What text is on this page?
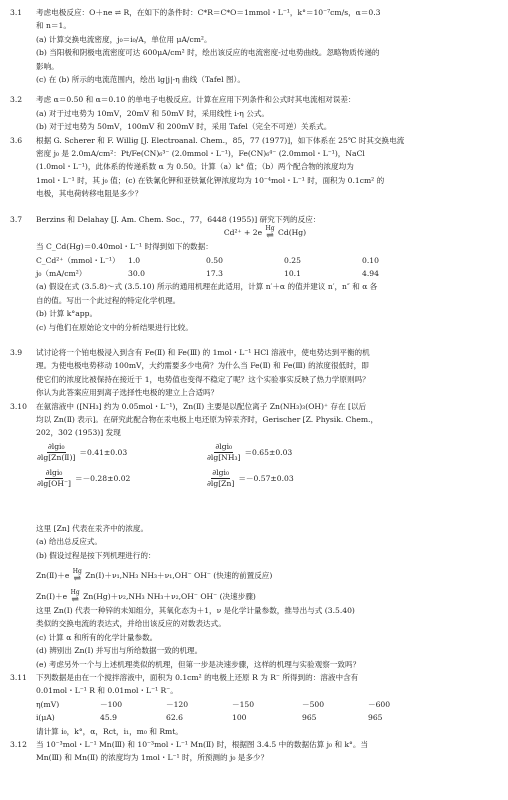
3.1 考虑电极反应：O＋ne ⇌ R，在如下的条件时：C*R＝C*O＝1mmol・L⁻¹，k°＝10⁻⁷cm/s，α＝0.3
和 n＝1。
(a) 计算交换电流密度，j₀＝i₀/A，单位用 μA/cm²。
(b) 当阳极和阴极电流密度可达 600μA/cm² 时，绘出该反应的电流密度-过电势曲线。忽略物质传递的
影响。
(c) 在 (b) 所示的电流范围内，绘出 lg|j|-η 曲线（Tafel 图）。
3.2 考虑 α＝0.50 和 α＝0.10 的单电子电极反应。计算在应用下列条件和公式时其电流相对误差：
(a) 对于过电势为 10mV，20mV 和 50mV 时，采用线性 i-η 公式。
(b) 对于过电势为 50mV，100mV 和 200mV 时，采用 Tafel（完全不可逆）关系式。
3.6 根据 G. Scherer 和 F. Willig [J. Electroanal. Chem.，85，77 (1977)]，如下体系在 25℃ 时其交换电流
密度 j₀ 是 2.0mA/cm²：Pt/Fe(CN)₆³⁻ (2.0mmol・L⁻¹)，Fe(CN)₆⁴⁻ (2.0mmol・L⁻¹)，NaCl
(1.0mol・L⁻¹)，此体系的传递系数 α 为 0.50。计算（a）k° 值；（b）两个配合物的浓度均为
1mol・L⁻¹ 时，其 j₀ 值；(c) 在铁氰化钾和亚铁氰化钾浓度均为 10⁻⁴mol・L⁻¹ 时，面积为 0.1cm² 的
电极，其电荷转移电阻是多少？
3.7 Berzins 和 Delahay [J. Am. Chem. Soc.，77，6448 (1955)] 研究下列的反应：
Cd²⁺ + 2e Hg
⇌ Cd(Hg)
当 C_Cd(Hg)＝0.40mol・L⁻¹ 时得到如下的数据：
C_Cd²⁺（mmol・L⁻¹）	1.0	0.50	0.25	0.10
j₀（mA/cm²）	30.0	17.3	10.1	4.94
(a) 假设在式 (3.5.8)～式 (3.5.10) 所示的通用机理在此适用，计算 n′＋α 的值并建议 n′，n″ 和 α 各
自的值。写出一个此过程的特定化学机理。
(b) 计算 k°app。
(c) 与他们在原始论文中的分析结果进行比较。
3.9 试讨论将一个铂电极浸入到含有 Fe(Ⅱ) 和 Fe(Ⅲ) 的 1mol・L⁻¹ HCl 溶液中，使电势达到平衡的机
理。为使电极电势移动 100mV，大约需要多少电荷？为什么当 Fe(Ⅱ) 和 Fe(Ⅲ) 的浓度很低时，即
使它们的浓度比被保持在接近于 1，电势值也变得不稳定了呢？这个实验事实反映了热力学原则吗？
你认为此答案应用到离子选择性电极的建立上合适吗？
3.10 在氨溶液中 ([NH₃] 约为 0.05mol・L⁻¹)，Zn(Ⅱ) 主要是以配位离子 Zn(NH₃)₃(OH)⁺ 存在 [以后
均以 Zn(Ⅱ) 表示]。在研究此配合物在汞电极上电还原为锌汞齐时，Gerischer [Z. Physik. Chem.，
202，302 (1953)] 发现
$\frac{\text{∂lgi₀}}{\text{∂lg[Zn(Ⅱ)]}} =0.41\pm 0.03$	$\frac{\text{∂lgi₀}}{\text{∂lg[NH₃]}} =0.65\pm 0.03$
$\frac{\text{∂lgi₀}}{\partial\lg[OH^-]} =-0.28\pm 0.02$	$\frac{\text{∂lgi₀}}{\partial\lg[Zn]} =-0.57\pm 0.03$
这里 [Zn] 代表在汞齐中的浓度。
(a) 给出总反应式。
(b) 假设过程是按下列机理进行的：
Zn(Ⅱ)＋e Hg
⇌ Zn(Ⅰ)＋ν₁,NH₃ NH₃＋ν₁,OH⁻ OH⁻ (快速的前置反应)
Zn(Ⅰ)＋e Hg
⇌ Zn(Hg)＋ν₂,NH₃ NH₃＋ν₂,OH⁻ OH⁻ (决速步骤)
这里 Zn(Ⅰ) 代表一种锌的未知组分，其氧化态为＋1，ν 是化学计量参数，推导出与式 (3.5.40)
类似的交换电流的表达式，并给出该反应的对数表达式。
(c) 计算 α 和所有的化学计量参数。
(d) 辨别出 Zn(Ⅰ) 并写出与所给数据一致的机理。
(e) 考虑另外一个与上述机理类似的机理，但第一步是决速步骤，这样的机理与实验观察一致吗？
3.11 下列数据是由在一个搅拌溶液中，面积为 0.1cm² 的电极上还原 R 为 R⁻ 所得到的：溶液中含有
0.01mol・L⁻¹ R 和 0.01mol・L⁻¹ R⁻。
η(mV)	－100	－120	－150	－500	－600
i(μA)	45.9	62.6	100	965	965
请计算 i₀，k°，α，Rct，i₁，m₀ 和 Rmt。
3.12 当 10⁻³mol・L⁻¹ Mn(Ⅲ) 和 10⁻³mol・L⁻¹ Mn(Ⅱ) 时，根据图 3.4.5 中的数据估算 j₀ 和 k°。当
Mn(Ⅲ) 和 Mn(Ⅱ) 的浓度均为 1mol・L⁻¹ 时，所预测的 j₀ 是多少？
